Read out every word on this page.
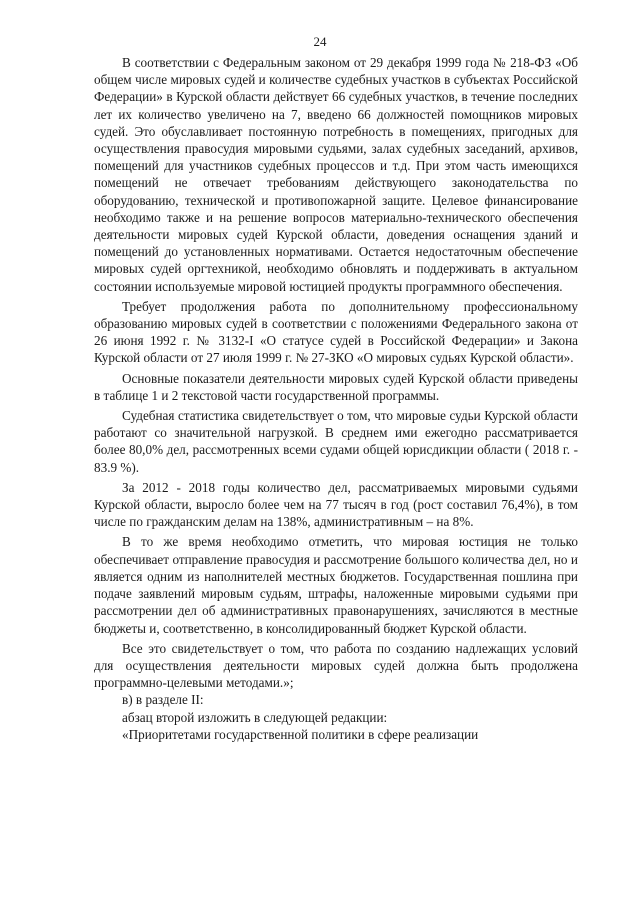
24

В соответствии с Федеральным законом от 29 декабря 1999 года № 218-ФЗ «Об общем числе мировых судей и количестве судебных участков в субъектах Российской Федерации» в Курской области действует 66 судебных участков, в течение последних лет их количество увеличено на 7, введено 66 должностей помощников мировых судей. Это обуславливает постоянную потребность в помещениях, пригодных для осуществления правосудия мировыми судьями, залах судебных заседаний, архивов, помещений для участников судебных процессов и т.д. При этом часть имеющихся помещений не отвечает требованиям действующего законодательства по оборудованию, технической и противопожарной защите. Целевое финансирование необходимо также и на решение вопросов материально-технического обеспечения деятельности мировых судей Курской области, доведения оснащения зданий и помещений до установленных нормативами. Остается недостаточным обеспечение мировых судей оргтехникой, необходимо обновлять и поддерживать в актуальном состоянии используемые мировой юстицией продукты программного обеспечения.

Требует продолжения работа по дополнительному профессиональному образованию мировых судей в соответствии с положениями Федерального закона от 26 июня 1992 г. № 3132-I «О статусе судей в Российской Федерации» и Закона Курской области от 27 июля 1999 г. № 27-ЗКО «О мировых судьях Курской области».

Основные показатели деятельности мировых судей Курской области приведены в таблице 1 и 2 текстовой части государственной программы.

Судебная статистика свидетельствует о том, что мировые судьи Курской области работают со значительной нагрузкой. В среднем ими ежегодно рассматривается более 80,0% дел, рассмотренных всеми судами общей юрисдикции области ( 2018 г. - 83.9 %).

За 2012 - 2018 годы количество дел, рассматриваемых мировыми судьями Курской области, выросло более чем на 77 тысяч в год (рост составил 76,4%), в том числе по гражданским делам на 138%, административным – на 8%.

В то же время необходимо отметить, что мировая юстиция не только обеспечивает отправление правосудия и рассмотрение большого количества дел, но и является одним из наполнителей местных бюджетов. Государственная пошлина при подаче заявлений мировым судьям, штрафы, наложенные мировыми судьями при рассмотрении дел об административных правонарушениях, зачисляются в местные бюджеты и, соответственно, в консолидированный бюджет Курской области.

Все это свидетельствует о том, что работа по созданию надлежащих условий для осуществления деятельности мировых судей должна быть продолжена программно-целевыми методами.»;

в) в разделе II:

абзац второй изложить в следующей редакции:

«Приоритетами государственной политики в сфере реализации
